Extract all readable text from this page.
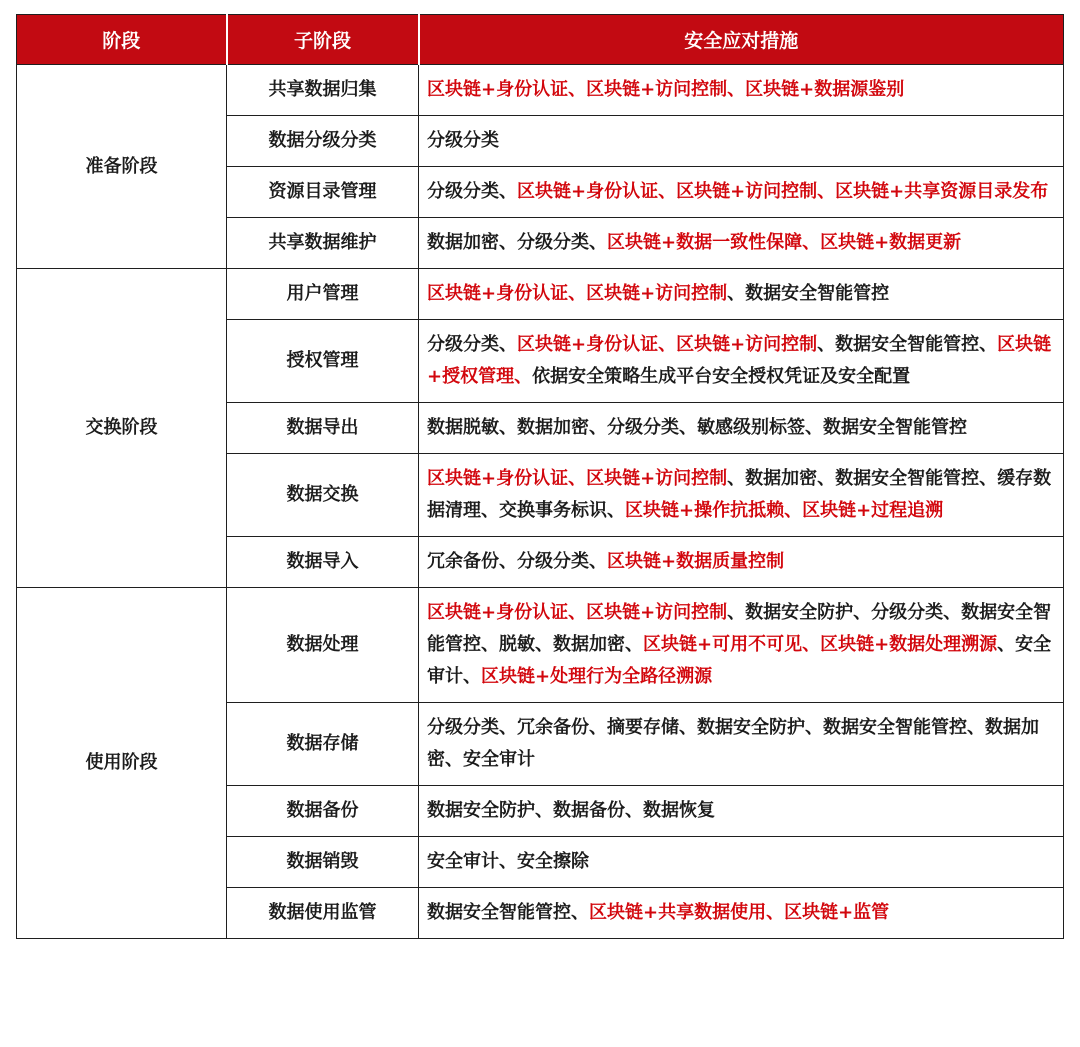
阶段	子阶段	安全应对措施
准备阶段	共享数据归集	区块链+身份认证、区块链+访问控制、区块链+数据源鉴别
	数据分级分类	分级分类
	资源目录管理	分级分类、区块链+身份认证、区块链+访问控制、区块链+共享资源目录发布
	共享数据维护	数据加密、分级分类、区块链+数据一致性保障、区块链+数据更新
交换阶段	用户管理	区块链+身份认证、区块链+访问控制、数据安全智能管控
	授权管理	分级分类、区块链+身份认证、区块链+访问控制、数据安全智能管控、区块链+授权管理、依据安全策略生成平台安全授权凭证及安全配置
	数据导出	数据脱敏、数据加密、分级分类、敏感级别标签、数据安全智能管控
	数据交换	区块链+身份认证、区块链+访问控制、数据加密、数据安全智能管控、缓存数据清理、交换事务标识、区块链+操作抗抵赖、区块链+过程追溯
	数据导入	冗余备份、分级分类、区块链+数据质量控制
使用阶段	数据处理	区块链+身份认证、区块链+访问控制、数据安全防护、分级分类、数据安全智能管控、脱敏、数据加密、区块链+可用不可见、区块链+数据处理溯源、安全审计、区块链+处理行为全路径溯源
	数据存储	分级分类、冗余备份、摘要存储、数据安全防护、数据安全智能管控、数据加密、安全审计
	数据备份	数据安全防护、数据备份、数据恢复
	数据销毁	安全审计、安全擦除
	数据使用监管	数据安全智能管控、区块链+共享数据使用、区块链+监管
